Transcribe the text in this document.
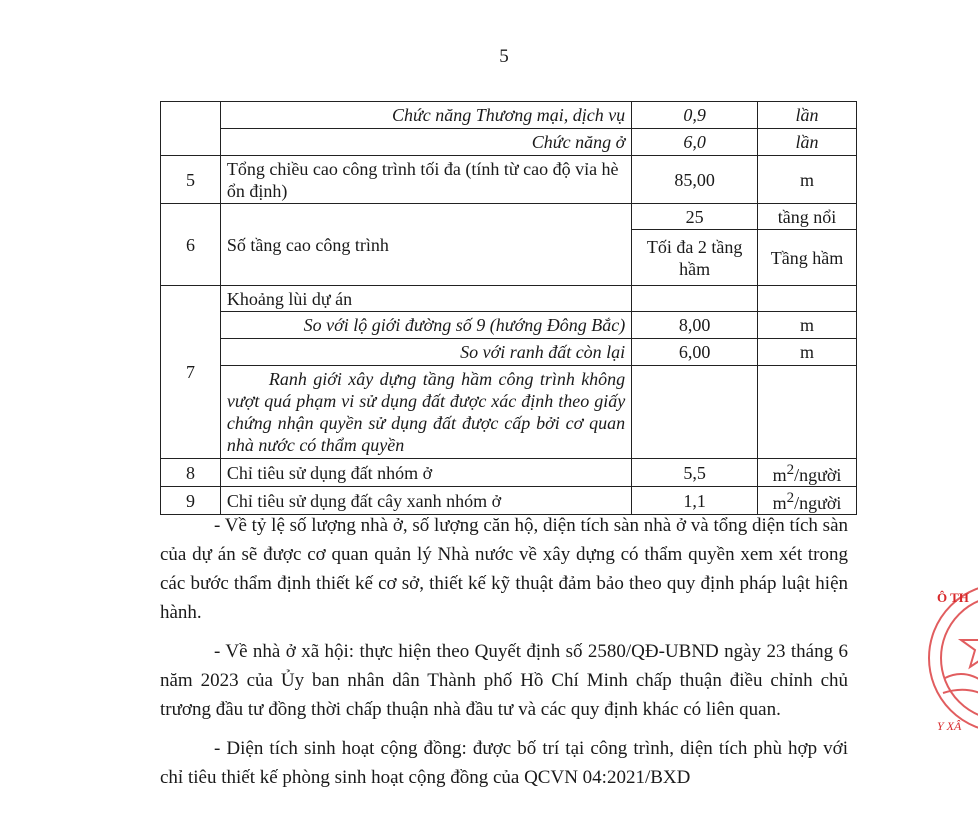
5
	Chức năng Thương mại, dịch vụ	0,9	lần
	Chức năng ở	6,0	lần
5	Tổng chiều cao công trình tối đa (tính từ cao độ vỉa hè ổn định)	85,00	m
6	Số tầng cao công trình	25	tầng nổi
		Tối đa 2 tầng hầm	Tầng hầm
7	Khoảng lùi dự án		
	So với lộ giới đường số 9 (hướng Đông Bắc)	8,00	m
	So với ranh đất còn lại	6,00	m
	Ranh giới xây dựng tầng hầm công trình không vượt quá phạm vi sử dụng đất được xác định theo giấy chứng nhận quyền sử dụng đất được cấp bởi cơ quan nhà nước có thẩm quyền		
8	Chỉ tiêu sử dụng đất nhóm ở	5,5	$m^2$/người
9	Chỉ tiêu sử dụng đất cây xanh nhóm ở	1,1	$m^2$/người

- Về tỷ lệ số lượng nhà ở, số lượng căn hộ, diện tích sàn nhà ở và tổng diện tích sàn của dự án sẽ được cơ quan quản lý Nhà nước về xây dựng có thẩm quyền xem xét trong các bước thẩm định thiết kế cơ sở, thiết kế kỹ thuật đảm bảo theo quy định pháp luật hiện hành.

- Về nhà ở xã hội: thực hiện theo Quyết định số 2580/QĐ-UBND ngày 23 tháng 6 năm 2023 của Ủy ban nhân dân Thành phố Hồ Chí Minh chấp thuận điều chỉnh chủ trương đầu tư đồng thời chấp thuận nhà đầu tư và các quy định khác có liên quan.

- Diện tích sinh hoạt cộng đồng: được bố trí tại công trình, diện tích phù hợp với chỉ tiêu thiết kế phòng sinh hoạt cộng đồng của QCVN 04:2021/BXD

Ô TH
Y XÂ
